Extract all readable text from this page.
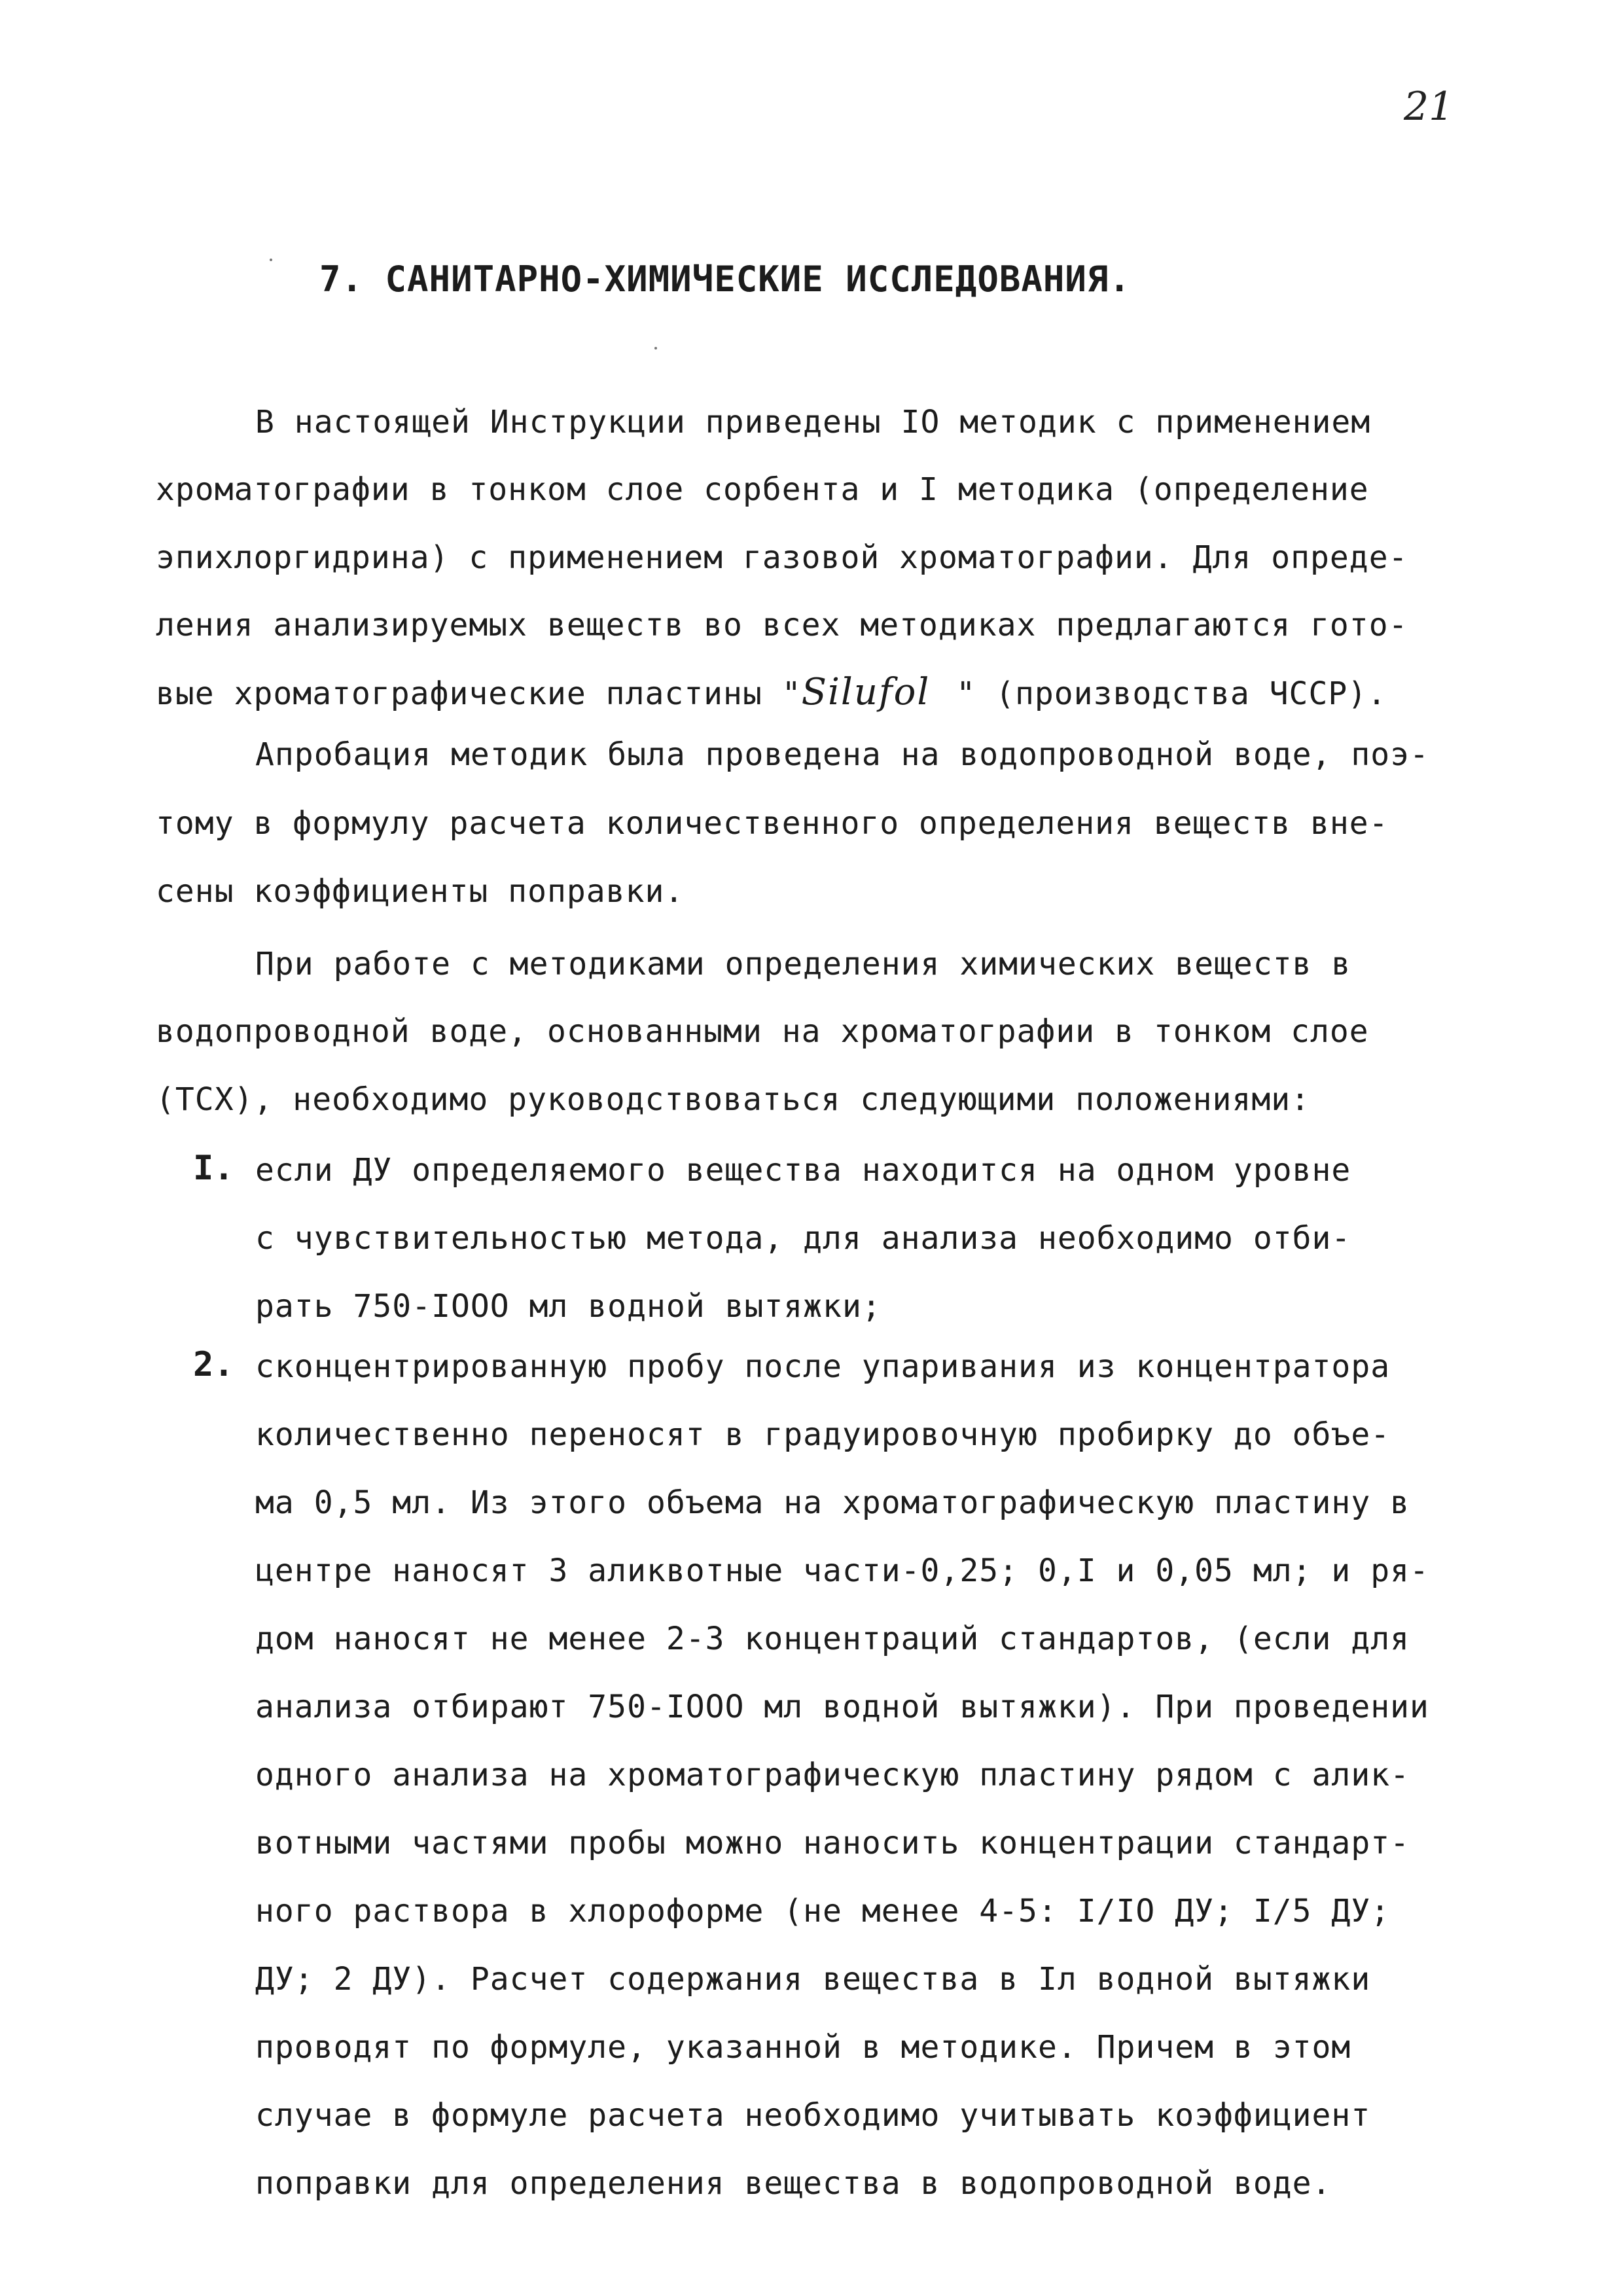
21
7. САНИТАРНО-ХИМИЧЕСКИЕ ИССЛЕДОВАНИЯ.
В настоящей Инструкции приведены IO методик с применением
хроматографии в тонком слое сорбента и I методика (определение
эпихлоргидрина) с применением газовой хроматографии. Для опреде-
ления анализируемых веществ во всех методиках предлагаются гото-
вые хроматографические пластины "Silufol " (производства ЧССР).
Апробация методик была проведена на водопроводной воде, поэ-
тому в формулу расчета количественного определения веществ вне-
сены коэффициенты поправки.
При работе с методиками определения химических веществ в
водопроводной воде, основанными на хроматографии в тонком слое
(ТСХ), необходимо руководствоваться следующими положениями:
I. если ДУ определяемого вещества находится на одном уровне
с чувствительностью метода, для анализа необходимо отби-
рать 750-IOOO мл водной вытяжки;
2. сконцентрированную пробу после упаривания из концентратора
количественно переносят в градуировочную пробирку до объе-
ма 0,5 мл. Из этого объема на хроматографическую пластину в
центре наносят 3 аликвотные части-0,25; 0,I и 0,05 мл; и ря-
дом наносят не менее 2-3 концентраций стандартов, (если для
анализа отбирают 750-IOOO мл водной вытяжки). При проведении
одного анализа на хроматографическую пластину рядом с алик-
вотными частями пробы можно наносить концентрации стандарт-
ного раствора в хлороформе (не менее 4-5: I/IO ДУ; I/5 ДУ;
ДУ; 2 ДУ). Расчет содержания вещества в Iл водной вытяжки
проводят по формуле, указанной в методике. Причем в этом
случае в формуле расчета необходимо учитывать коэффициент
поправки для определения вещества в водопроводной воде.
